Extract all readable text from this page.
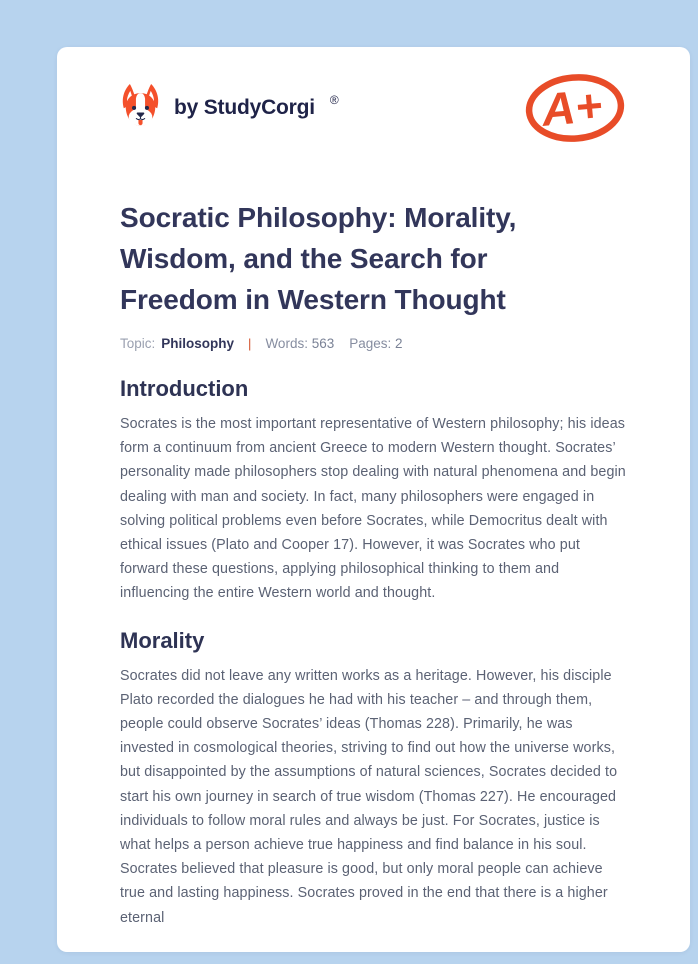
by StudyCorgi ®	A+
Socratic Philosophy: Morality, Wisdom, and the Search for Freedom in Western Thought
Topic: Philosophy | Words: 563 Pages: 2
Introduction

Socrates is the most important representative of Western philosophy; his ideas form a continuum from ancient Greece to modern Western thought. Socrates’ personality made philosophers stop dealing with natural phenomena and begin dealing with man and society. In fact, many philosophers were engaged in solving political problems even before Socrates, while Democritus dealt with ethical issues (Plato and Cooper 17). However, it was Socrates who put forward these questions, applying philosophical thinking to them and influencing the entire Western world and thought.

Morality

Socrates did not leave any written works as a heritage. However, his disciple Plato recorded the dialogues he had with his teacher – and through them, people could observe Socrates’ ideas (Thomas 228). Primarily, he was invested in cosmological theories, striving to find out how the universe works, but disappointed by the assumptions of natural sciences, Socrates decided to start his own journey in search of true wisdom (Thomas 227). He encouraged individuals to follow moral rules and always be just. For Socrates, justice is what helps a person achieve true happiness and find balance in his soul. Socrates believed that pleasure is good, but only moral people can achieve true and lasting happiness. Socrates proved in the end that there is a higher eternal
